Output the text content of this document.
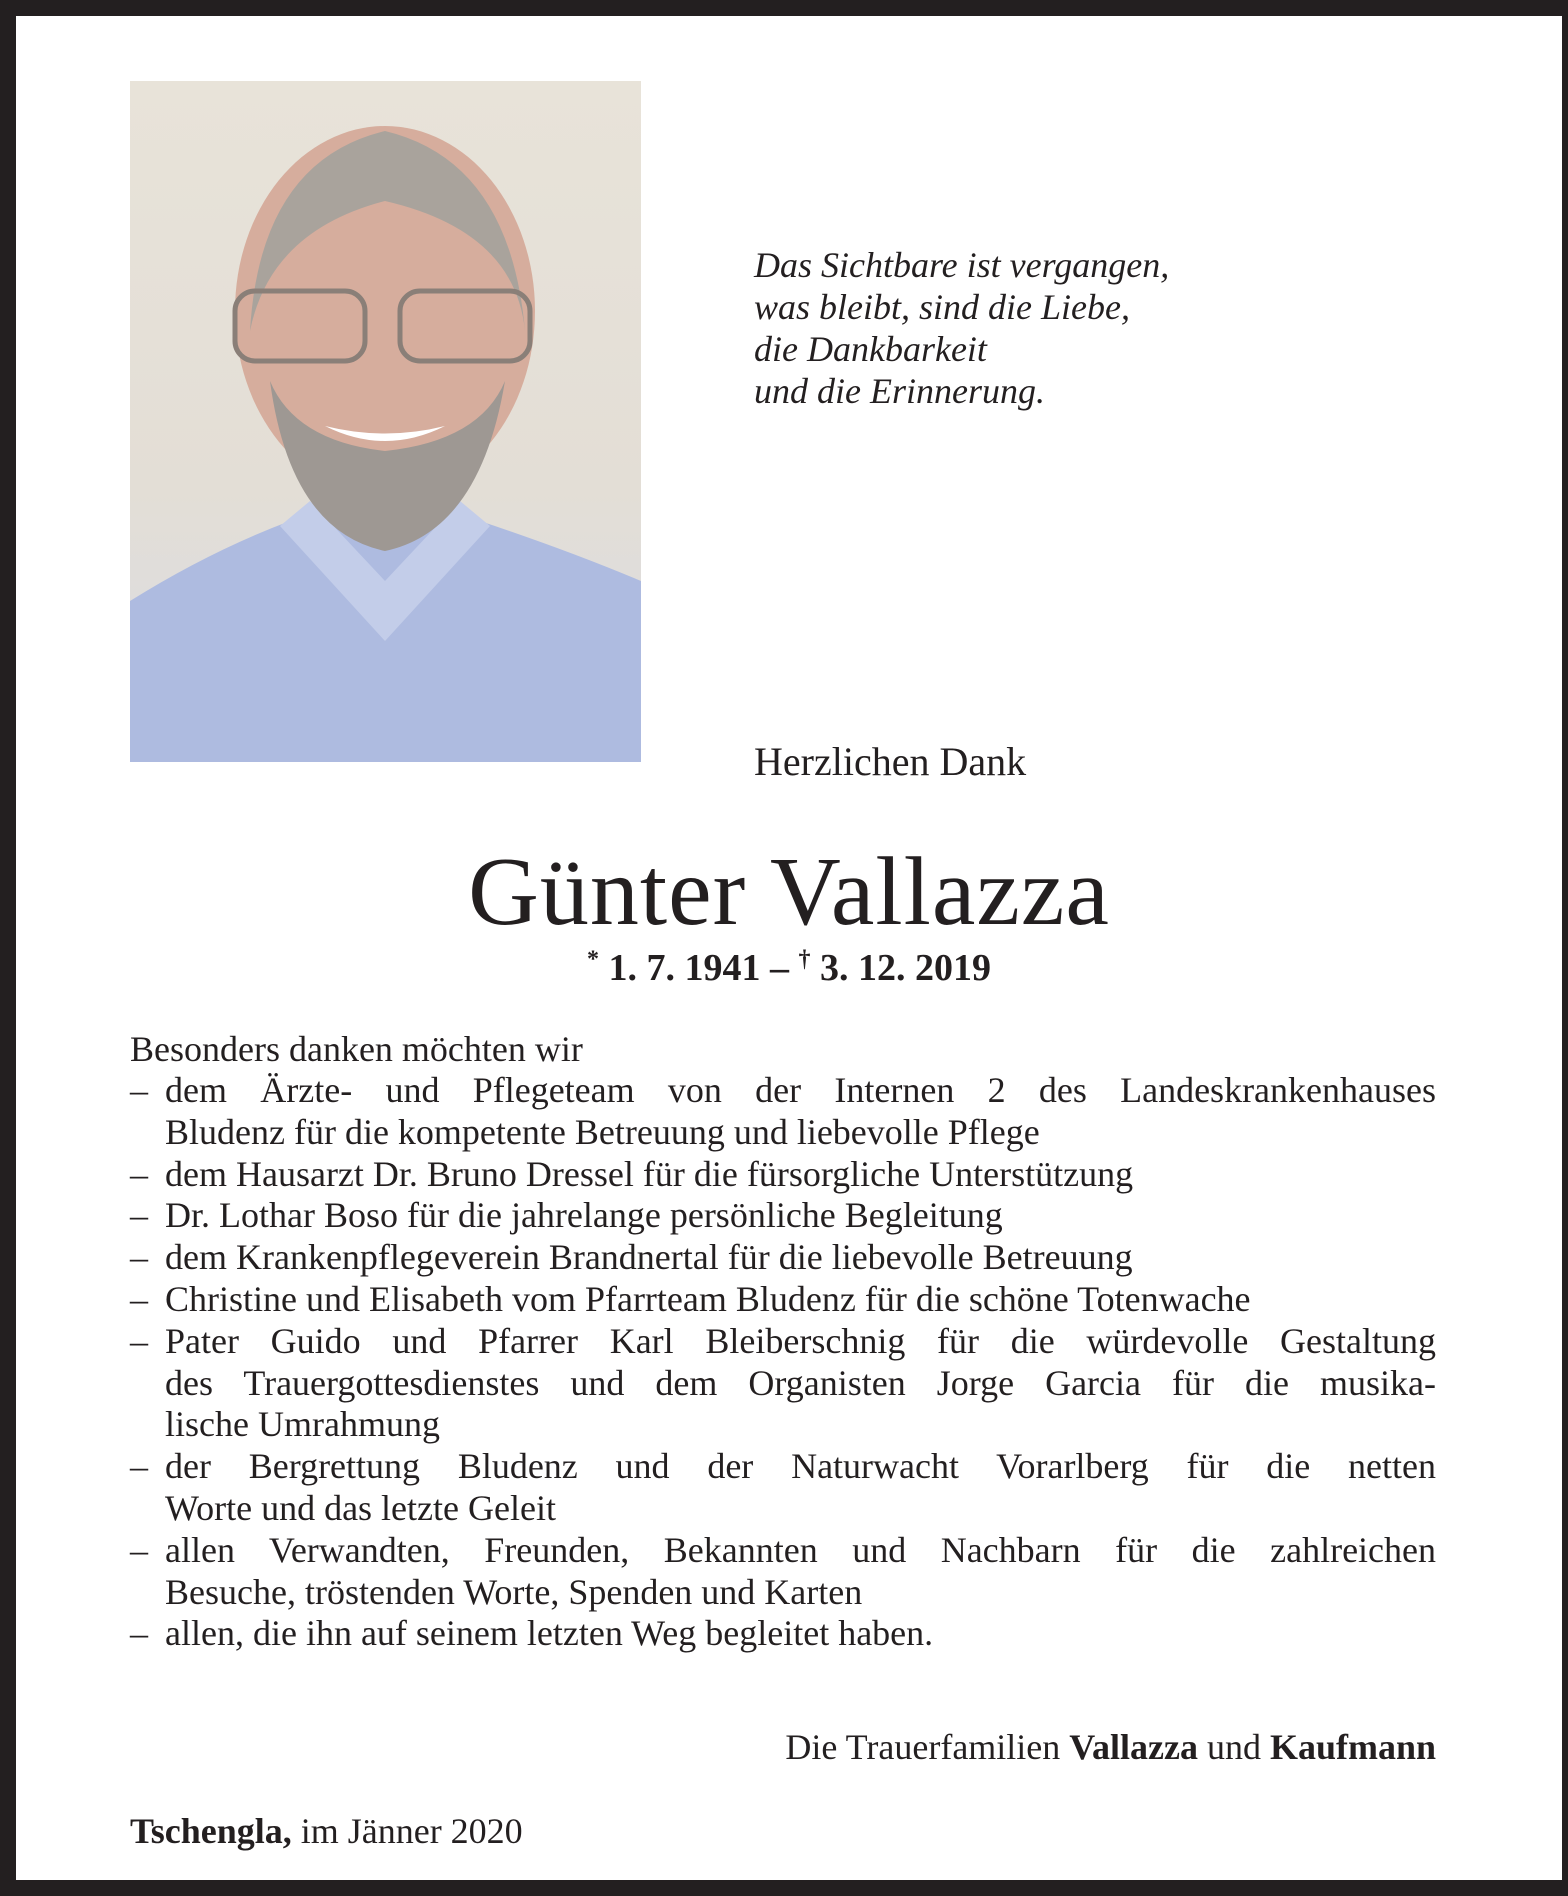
Das Sichtbare ist vergangen,
was bleibt, sind die Liebe,
die Dankbarkeit
und die Erinnerung.
Herzlichen Dank
Günter Vallazza
* 1. 7. 1941 – † 3. 12. 2019
Besonders danken möchten wir
– dem Ärzte- und Pflegeteam von der Internen 2 des Landeskrankenhauses
Bludenz für die kompetente Betreuung und liebevolle Pflege
– dem Hausarzt Dr. Bruno Dressel für die fürsorgliche Unterstützung
– Dr. Lothar Boso für die jahrelange persönliche Begleitung
– dem Krankenpflegeverein Brandnertal für die liebevolle Betreuung
– Christine und Elisabeth vom Pfarrteam Bludenz für die schöne Totenwache
– Pater Guido und Pfarrer Karl Bleiberschnig für die würdevolle Gestaltung
des Trauergottesdienstes und dem Organisten Jorge Garcia für die musika-
lische Umrahmung
– der Bergrettung Bludenz und der Naturwacht Vorarlberg für die netten
Worte und das letzte Geleit
– allen Verwandten, Freunden, Bekannten und Nachbarn für die zahlreichen
Besuche, tröstenden Worte, Spenden und Karten
– allen, die ihn auf seinem letzten Weg begleitet haben.
Die Trauerfamilien Vallazza und Kaufmann
Tschengla, im Jänner 2020
